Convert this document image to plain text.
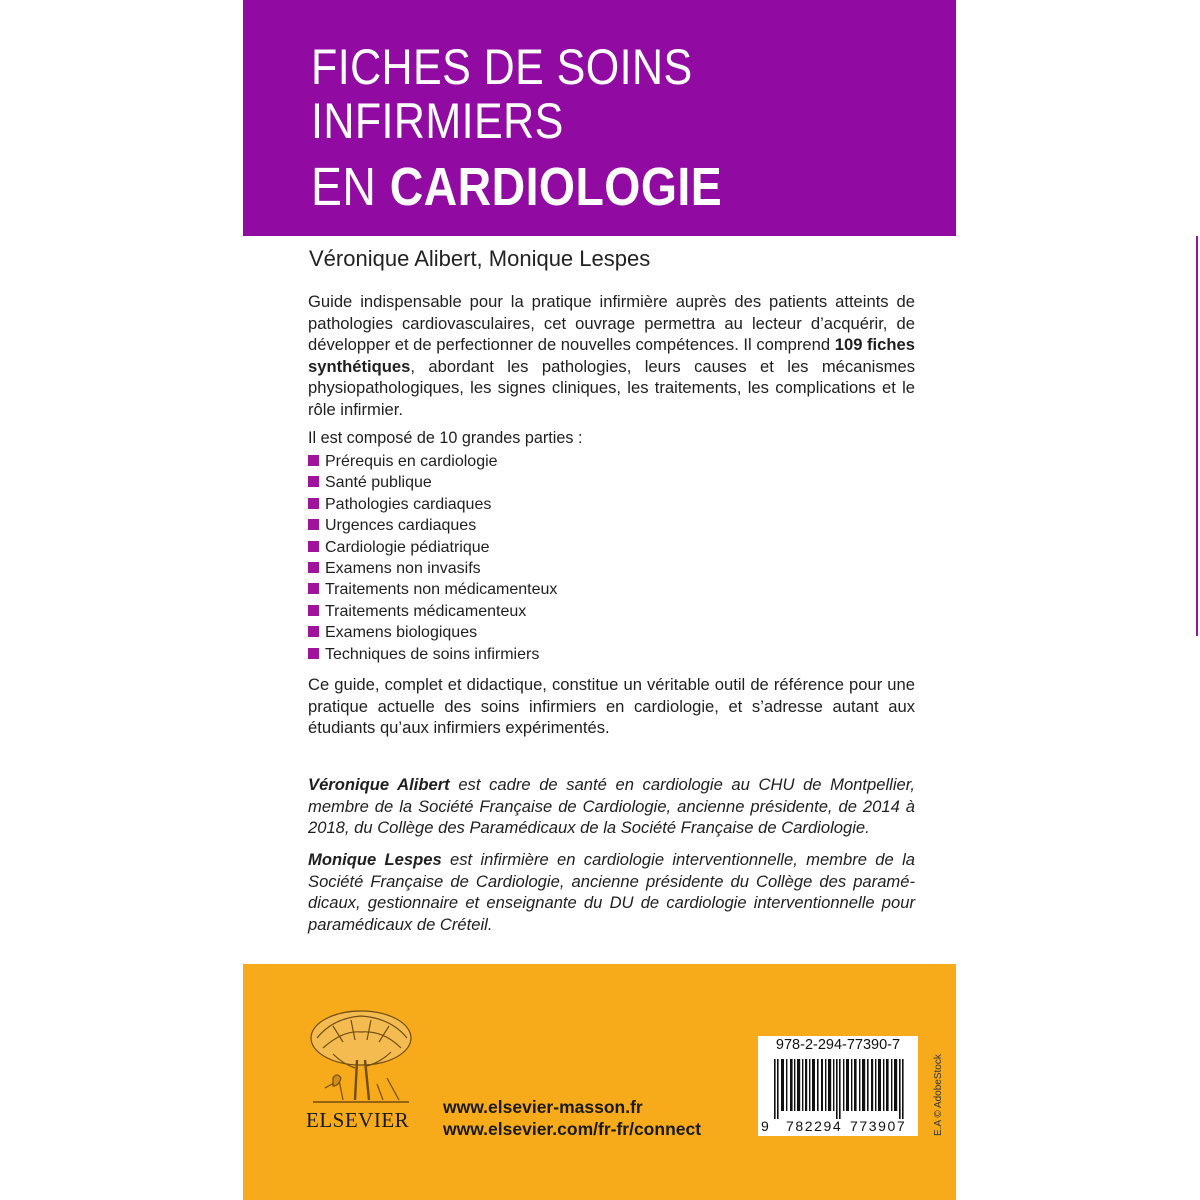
FICHES DE SOINS
INFIRMIERS
EN CARDIOLOGIE
Véronique Alibert, Monique Lespes
Guide indispensable pour la pratique infirmière auprès des patients atteints de pathologies cardiovasculaires, cet ouvrage permettra au lecteur d’acquérir, de développer et de perfectionner de nouvelles compétences. Il comprend 109 fiches synthétiques, abordant les pathologies, leurs causes et les mécanismes physiopathologiques, les signes cliniques, les traitements, les complications et le rôle infirmier.
Il est composé de 10 grandes parties :
Prérequis en cardiologie
Santé publique
Pathologies cardiaques
Urgences cardiaques
Cardiologie pédiatrique
Examens non invasifs
Traitements non médicamenteux
Traitements médicamenteux
Examens biologiques
Techniques de soins infirmiers
Ce guide, complet et didactique, constitue un véritable outil de référence pour une pratique actuelle des soins infirmiers en cardiologie, et s’adresse autant aux étudiants qu’aux infirmiers expérimentés.
Véronique Alibert est cadre de santé en cardiologie au CHU de Montpellier, membre de la Société Française de Cardiologie, ancienne présidente, de 2014 à 2018, du Collège des Paramédicaux de la Société Française de Cardiologie.
Monique Lespes est infirmière en cardiologie interventionnelle, membre de la Société Française de Cardiologie, ancienne présidente du Collège des paramé-dicaux, gestionnaire et enseignante du DU de cardiologie interventionnelle pour paramédicaux de Créteil.
ELSEVIER
www.elsevier-masson.fr
www.elsevier.com/fr-fr/connect
978-2-294-77390-7
9 782294 773907	E.A © AdobeStock
